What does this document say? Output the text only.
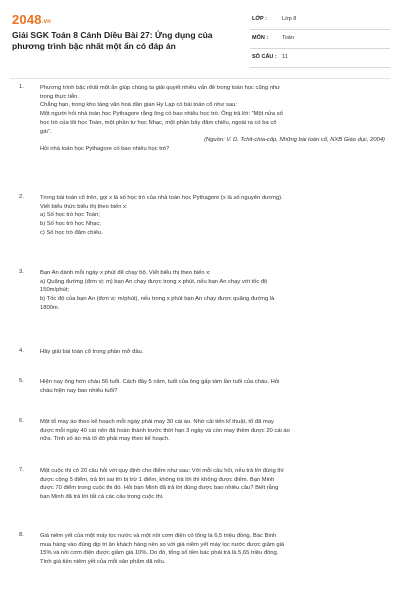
2048.vn
Giải SGK Toán 8 Cánh Diều Bài 27: Ứng dụng của phương trình bậc nhất một ẩn có đáp án
LỚP :	Lớp 8
MÔN :	Toán
SỐ CÂU : 11
1.	Phương trình bậc nhất một ẩn giúp chúng ta giải quyết nhiều vấn đề trong toán học cũng như
trong thực tiễn.
Chẳng hạn, trong kho tàng văn hoá dân gian Hy Lạp có bài toán cổ như sau:
Một người hỏi nhà toán học Pythagore rằng ông có bao nhiêu học trò. Ông trả lời: “Một nửa số
học trò của tôi học Toán, một phần tư học Nhạc, một phần bảy đăm chiêu, ngoài ra có ba cô
gái”.
(Nguồn: V. D. Tchit-chia-cốp, Những bài toán cổ, NXB Giáo dục, 2004)
Hỏi nhà toán học Pythagore có bao nhiêu học trò?
2.	Trong bài toán cổ trên, gọi x là số học trò của nhà toán học Pythagore (x là số nguyên dương).
Viết biểu thức biểu thị theo biến x:
a) Số học trò học Toán;
b) Số học trò học Nhạc;
c) Số học trò đăm chiêu.
3.	Bạn An dành mỗi ngày x phút để chạy bộ. Viết biểu thị theo biến x:
a) Quãng đường (đơn vị: m) bạn An chạy được trong x phút, nếu bạn An chạy với tốc độ
150m/phút;
b) Tốc độ của bạn An (đơn vị: m/phút), nếu trong x phút bạn An chạy được quãng đường là
1800m.
4.	Hãy giải bài toán cổ trong phần mở đầu.
5.	Hiện nay ông hơn cháu 56 tuổi. Cách đây 5 năm, tuổi của ông gấp tám lần tuổi của cháu. Hỏi
cháu hiện nay bao nhiêu tuổi?
6.	Một tổ may áo theo kế hoạch mỗi ngày phải may 30 cái áo. Nhờ cải tiến kĩ thuật, tổ đã may
được mỗi ngày 40 cái nên đã hoàn thành trước thời hạn 3 ngày và còn may thêm được 20 cái áo
nữa. Tính số áo mà tổ đó phải may theo kế hoạch.
7.	Một cuộc thi có 20 câu hỏi với quy định cho điểm như sau: Với mỗi câu hỏi, nếu trả lời đúng thì
được cộng 5 điểm, trả lời sai thì bị trừ 1 điểm, không trả lời thì không được điểm. Bạn Minh
được 70 điểm trong cuộc thi đó. Hỏi bạn Minh đã trả lời đúng được bao nhiêu câu? Biết rằng
bạn Minh đã trả lời tất cả các câu trong cuộc thi.
8.	Giá niêm yết của một máy lọc nước và một nồi cơm điện có tổng là 6,5 triệu đồng. Bác Bình
mua hàng vào đúng dịp tri ân khách hàng nên so với giá niêm yết máy lọc nước được giảm giá
15% và nồi cơm điện được giảm giá 10%. Do đó, tổng số tiền bác phải trả là 5,65 triệu đồng.
Tính giá tiền niêm yết của mỗi sản phẩm đã nêu.
